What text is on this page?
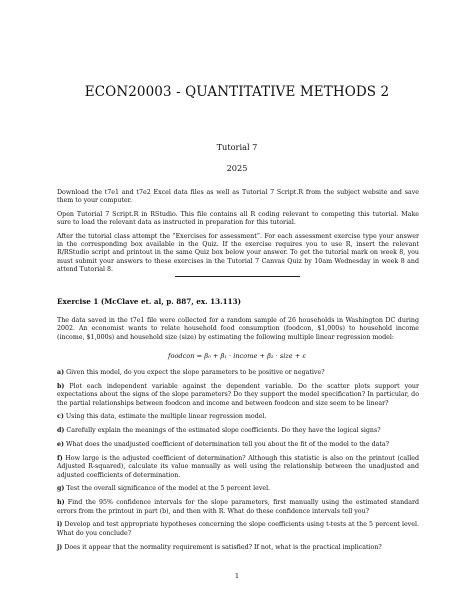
ECON20003 - QUANTITATIVE METHODS 2
Tutorial 7
2025

Download the t7e1 and t7e2 Excel data files as well as Tutorial 7 Script.R from the subject website and save them to your computer.

Open Tutorial 7 Script.R in RStudio. This file contains all R coding relevant to competing this tutorial. Make sure to load the relevant data as instructed in preparation for this tutorial.

After the tutorial class attempt the “Exercises for assessment”. For each assessment exercise type your answer in the corresponding box available in the Quiz. If the exercise requires you to use R, insert the relevant R/RStudio script and printout in the same Quiz box below your answer. To get the tutorial mark on week 8, you must submit your answers to these exercises in the Tutorial 7 Canvas Quiz by 10am Wednesday in week 8 and attend Tutorial 8.

Exercise 1 (McClave et. al, p. 887, ex. 13.113)

The data saved in the t7e1 file were collected for a random sample of 26 households in Washington DC during 2002. An economist wants to relate household food consumption (foodcon, $1,000s) to household income (income, $1,000s) and household size (size) by estimating the following multiple linear regression model:

foodcon = β₀ + β₁ · income + β₂ · size + ε

a) Given this model, do you expect the slope parameters to be positive or negative?

b) Plot each independent variable against the dependent variable. Do the scatter plots support your expectations about the signs of the slope parameters? Do they support the model specification? In particular, do the partial relationships between foodcon and income and between foodcon and size seem to be linear?

c) Using this data, estimate the multiple linear regression model.

d) Carefully explain the meanings of the estimated slope coefficients. Do they have the logical signs?

e) What does the unadjusted coefficient of determination tell you about the fit of the model to the data?

f) How large is the adjusted coefficient of determination? Although this statistic is also on the printout (called Adjusted R-squared), calculate its value manually as well using the relationship between the unadjusted and adjusted coefficients of determination.

g) Test the overall significance of the model at the 5 percent level.

h) Find the 95% confidence intervals for the slope parameters, first manually using the estimated standard errors from the printout in part (b), and then with R. What do these confidence intervals tell you?

i) Develop and test appropriate hypotheses concerning the slope coefficients using t-tests at the 5 percent level. What do you conclude?

j) Does it appear that the normality requirement is satisfied? If not, what is the practical implication?

1
